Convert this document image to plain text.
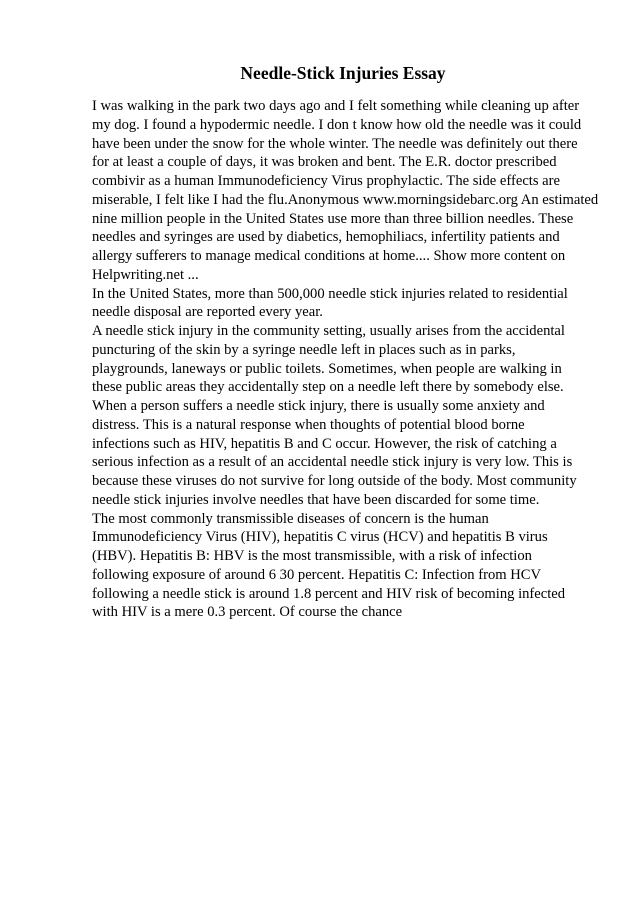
Needle-Stick Injuries Essay
I was walking in the park two days ago and I felt something while cleaning up after
my dog. I found a hypodermic needle. I don t know how old the needle was it could
have been under the snow for the whole winter. The needle was definitely out there
for at least a couple of days, it was broken and bent. The E.R. doctor prescribed
combivir as a human Immunodeficiency Virus prophylactic. The side effects are
miserable, I felt like I had the flu.Anonymous www.morningsidebarc.org An estimated
nine million people in the United States use more than three billion needles. These
needles and syringes are used by diabetics, hemophiliacs, infertility patients and
allergy sufferers to manage medical conditions at home.... Show more content on
Helpwriting.net ...
In the United States, more than 500,000 needle stick injuries related to residential
needle disposal are reported every year.
A needle stick injury in the community setting, usually arises from the accidental
puncturing of the skin by a syringe needle left in places such as in parks,
playgrounds, laneways or public toilets. Sometimes, when people are walking in
these public areas they accidentally step on a needle left there by somebody else.
When a person suffers a needle stick injury, there is usually some anxiety and
distress. This is a natural response when thoughts of potential blood borne
infections such as HIV, hepatitis B and C occur. However, the risk of catching a
serious infection as a result of an accidental needle stick injury is very low. This is
because these viruses do not survive for long outside of the body. Most community
needle stick injuries involve needles that have been discarded for some time.
The most commonly transmissible diseases of concern is the human
Immunodeficiency Virus (HIV), hepatitis C virus (HCV) and hepatitis B virus
(HBV). Hepatitis B: HBV is the most transmissible, with a risk of infection
following exposure of around 6 30 percent. Hepatitis C: Infection from HCV
following a needle stick is around 1.8 percent and HIV risk of becoming infected
with HIV is a mere 0.3 percent. Of course the chance
